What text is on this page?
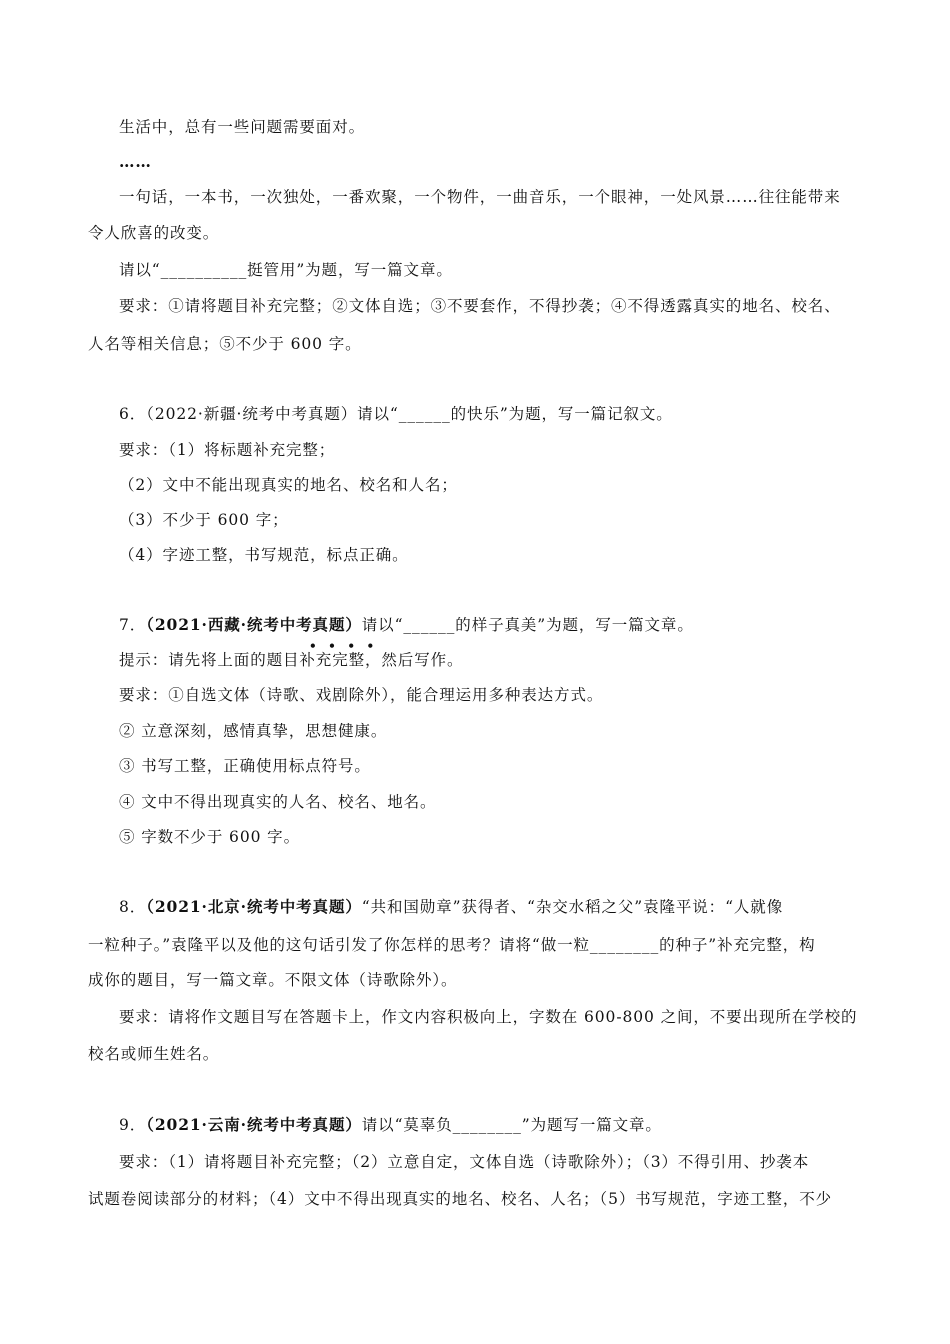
生活中，总有一些问题需要面对。
……
一句话，一本书，一次独处，一番欢聚，一个物件，一曲音乐，一个眼神，一处风景……往往能带来
令人欣喜的改变。
请以“__________挺管用”为题，写一篇文章。
要求：①请将题目补充完整；②文体自选；③不要套作，不得抄袭；④不得透露真实的地名、校名、
人名等相关信息；⑤不少于 600 字。
6．（2022·新疆·统考中考真题）请以“______的快乐”为题，写一篇记叙文。
要求：（1）将标题补充完整；
（2）文中不能出现真实的地名、校名和人名；
（3）不少于 600 字；
（4）字迹工整，书写规范，标点正确。
7．（2021·西藏·统考中考真题）请以“______的样子真美”为题，写一篇文章。
••••
提示：请先将上面的题目补充完整，然后写作。
要求：①自选文体（诗歌、戏剧除外），能合理运用多种表达方式。
② 立意深刻，感情真挚，思想健康。
③ 书写工整，正确使用标点符号。
④ 文中不得出现真实的人名、校名、地名。
⑤ 字数不少于 600 字。
8．（2021·北京·统考中考真题）“共和国勋章”获得者、“杂交水稻之父”袁隆平说：“人就像
一粒种子。”袁隆平以及他的这句话引发了你怎样的思考？请将“做一粒________的种子”补充完整，构
成你的题目，写一篇文章。不限文体（诗歌除外）。
要求：请将作文题目写在答题卡上，作文内容积极向上，字数在 600-800 之间，不要出现所在学校的
校名或师生姓名。
9．（2021·云南·统考中考真题）请以“莫辜负________”为题写一篇文章。
要求：（1）请将题目补充完整；（2）立意自定，文体自选（诗歌除外）；（3）不得引用、抄袭本
试题卷阅读部分的材料；（4）文中不得出现真实的地名、校名、人名；（5）书写规范，字迹工整，不少
